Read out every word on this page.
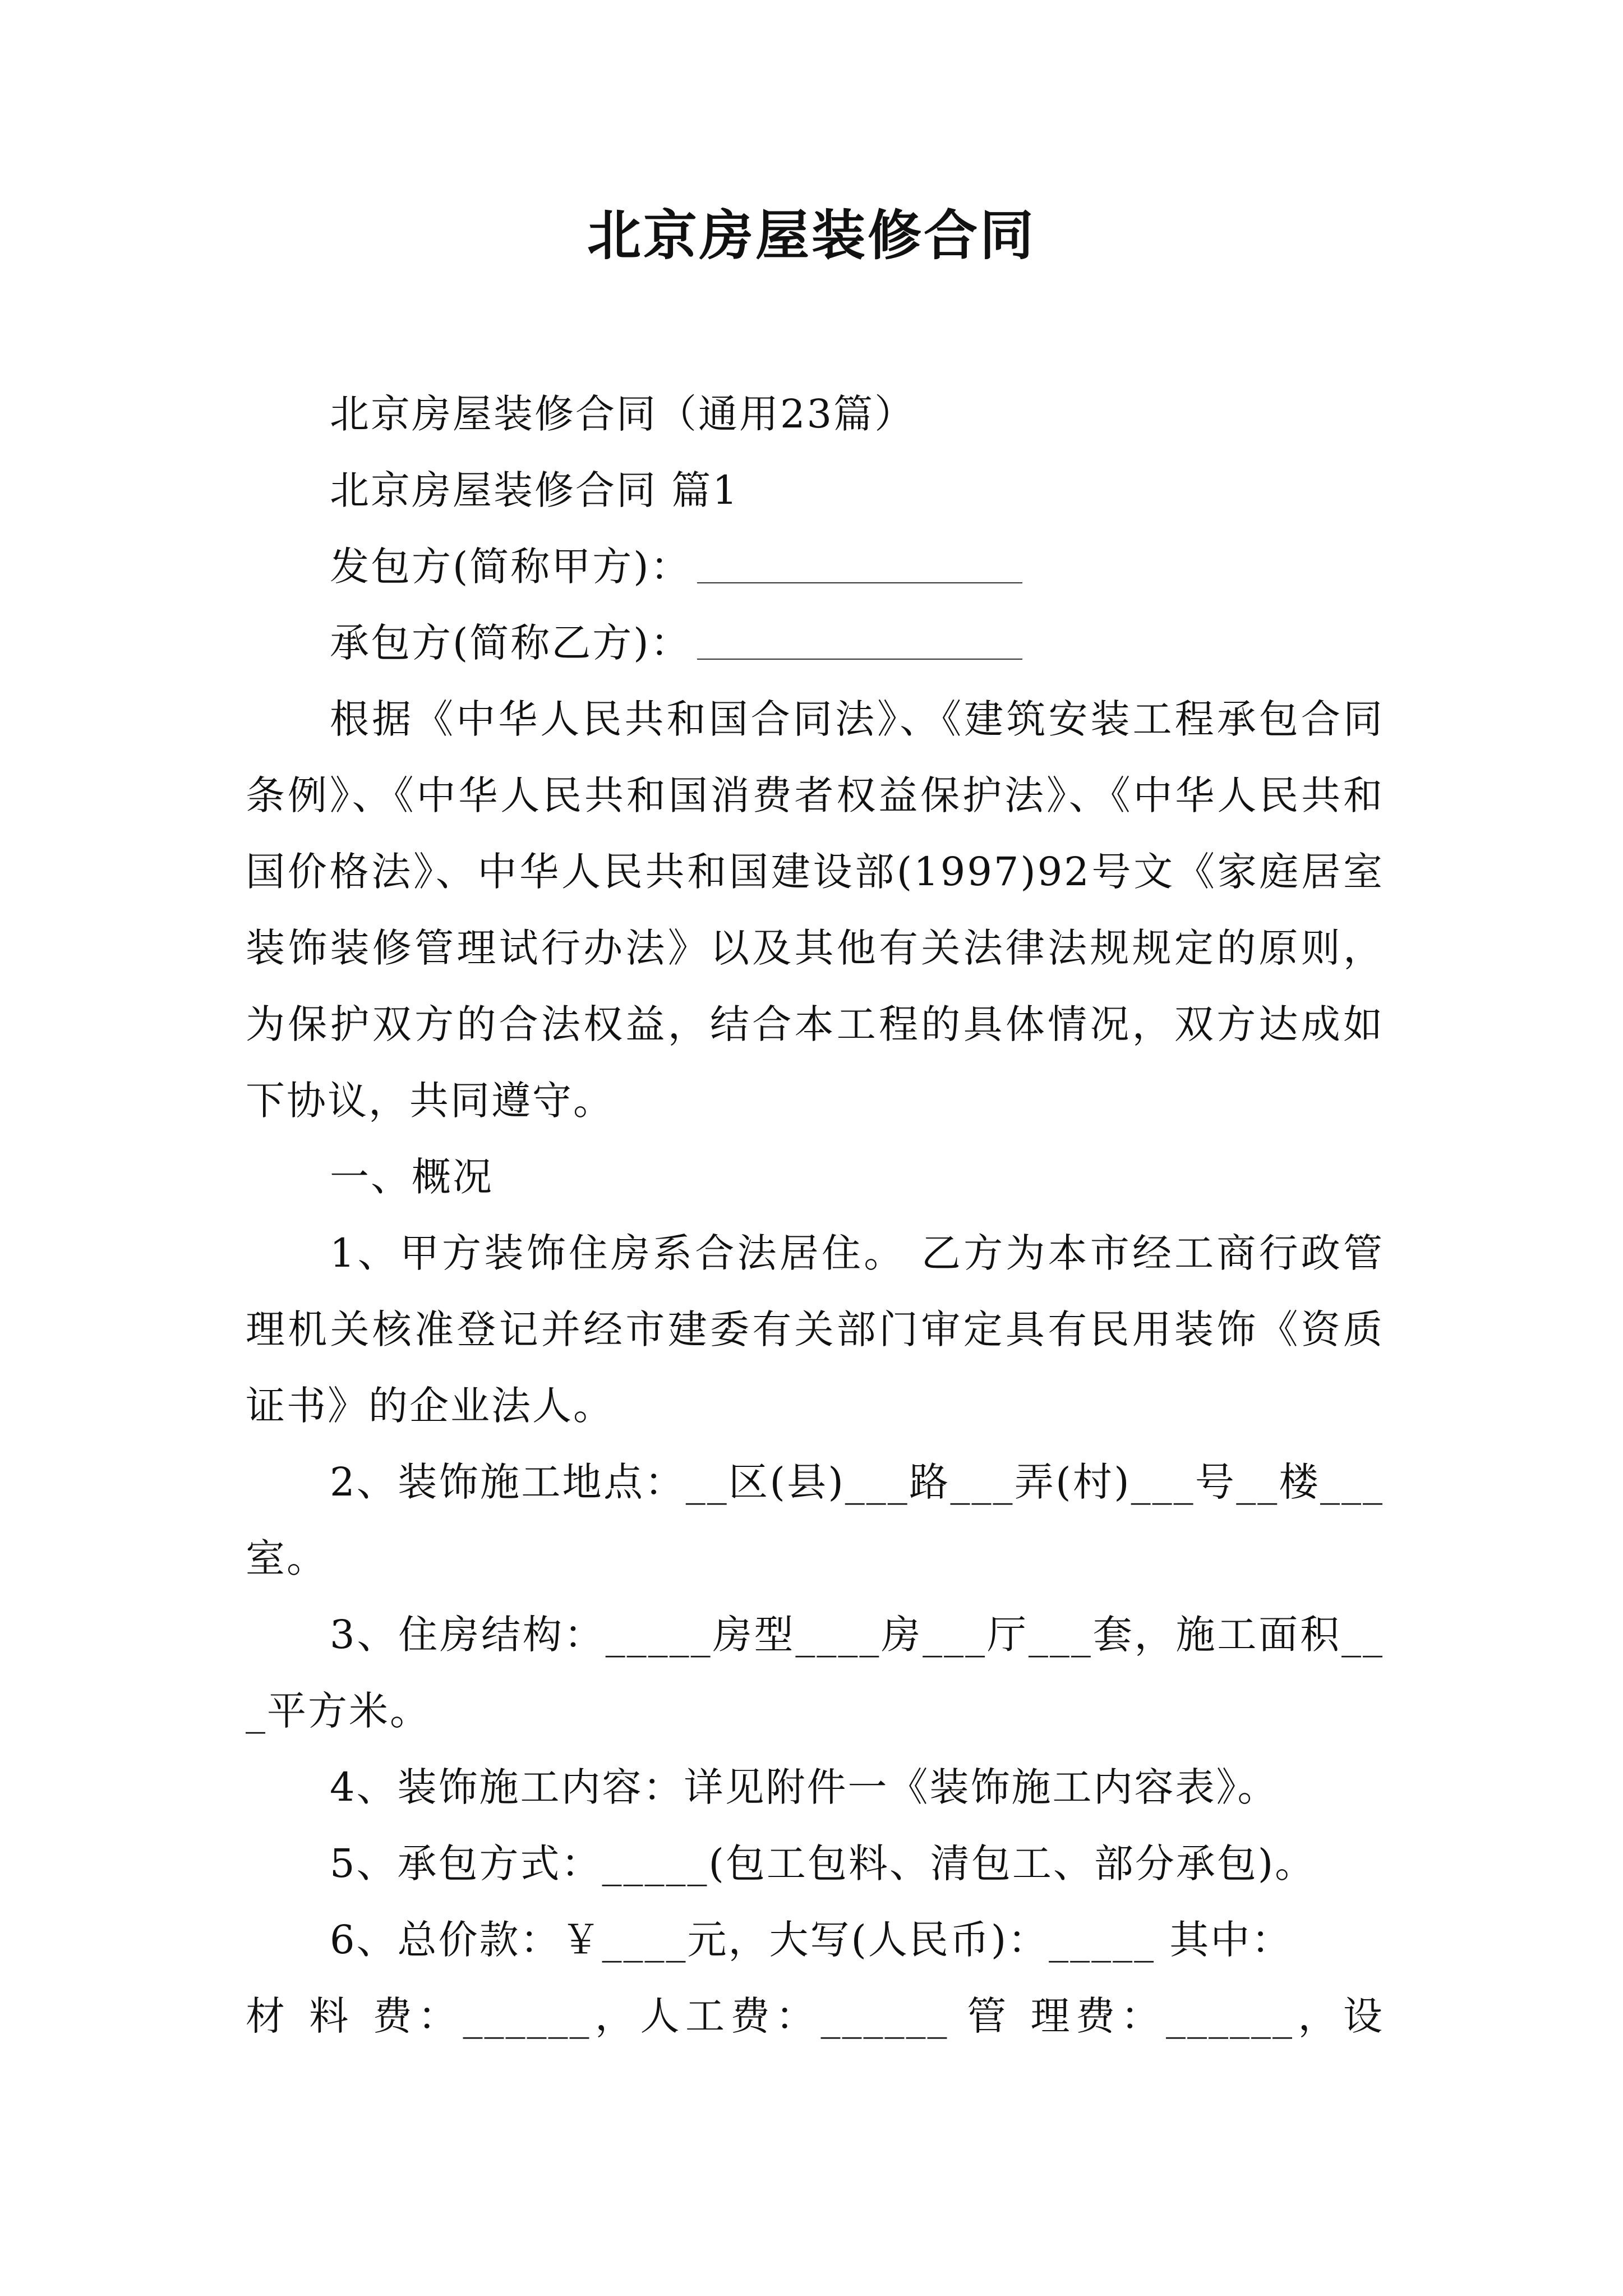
北京房屋装修合同

北京房屋装修合同（通用23篇）

北京房屋装修合同 篇1

发包方(简称甲方)：

承包方(简称乙方)：

根据《中华人民共和国合同法》、《建筑安装工程承包合同条例》、《中华人民共和国消费者权益保护法》、《中华人民共和国价格法》、中华人民共和国建设部(1997)92号文《家庭居室装饰装修管理试行办法》以及其他有关法律法规规定的原则，为保护双方的合法权益，结合本工程的具体情况，双方达成如下协议，共同遵守。

一、概况

1、甲方装饰住房系合法居住。 乙方为本市经工商行政管理机关核准登记并经市建委有关部门审定具有民用装饰《资质证书》的企业法人。

2、装饰施工地点：__区(县)___路___弄(村)___号__楼___室。

3、住房结构：_____房型____房___厅___套，施工面积___平方米。

4、装饰施工内容：详见附件一《装饰施工内容表》。

5、承包方式：_____(包工包料、清包工、部分承包)。

6、总价款：￥____元，大写(人民币)：_____ 其中：

材 料 费：______，人工费：______ 管 理费：______，设
